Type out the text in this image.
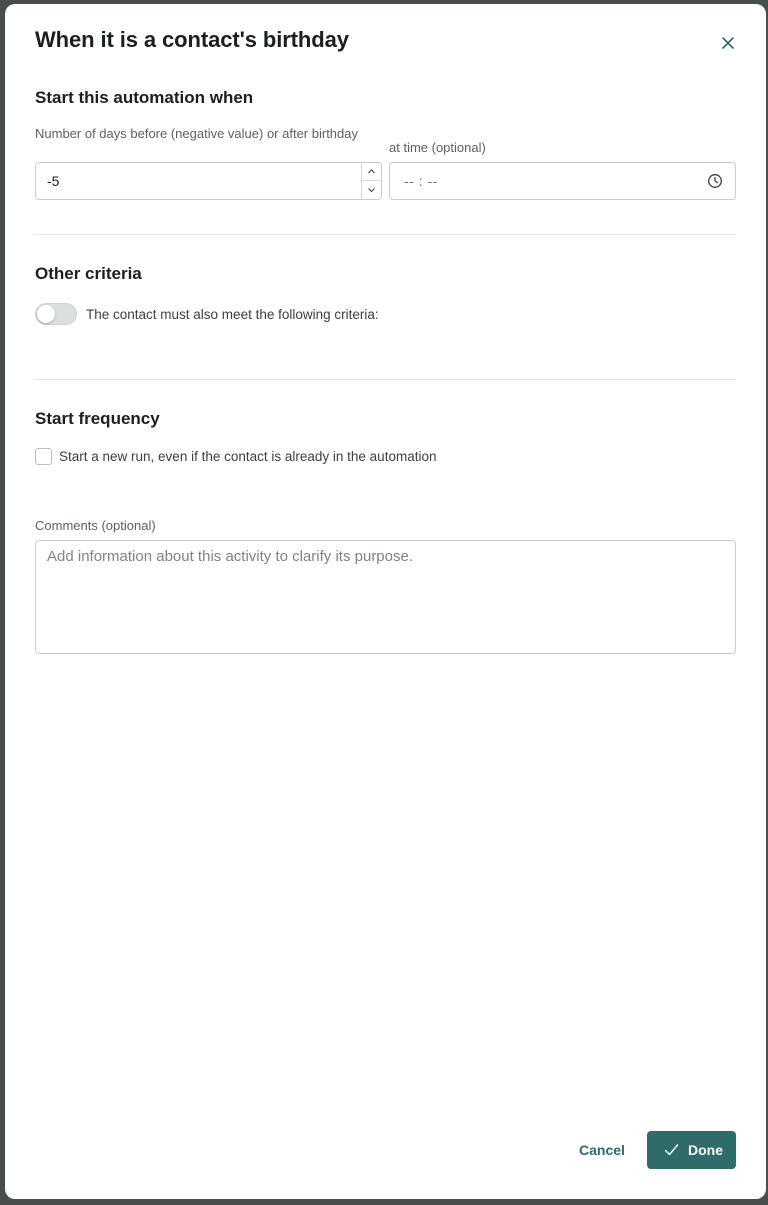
When it is a contact's birthday
Start this automation when
Number of days before (negative value) or after birthday
-5
at time (optional)
-- : --
Other criteria
The contact must also meet the following criteria:
Start frequency
Start a new run, even if the contact is already in the automation
Comments (optional)
Add information about this activity to clarify its purpose.
Cancel	Done
